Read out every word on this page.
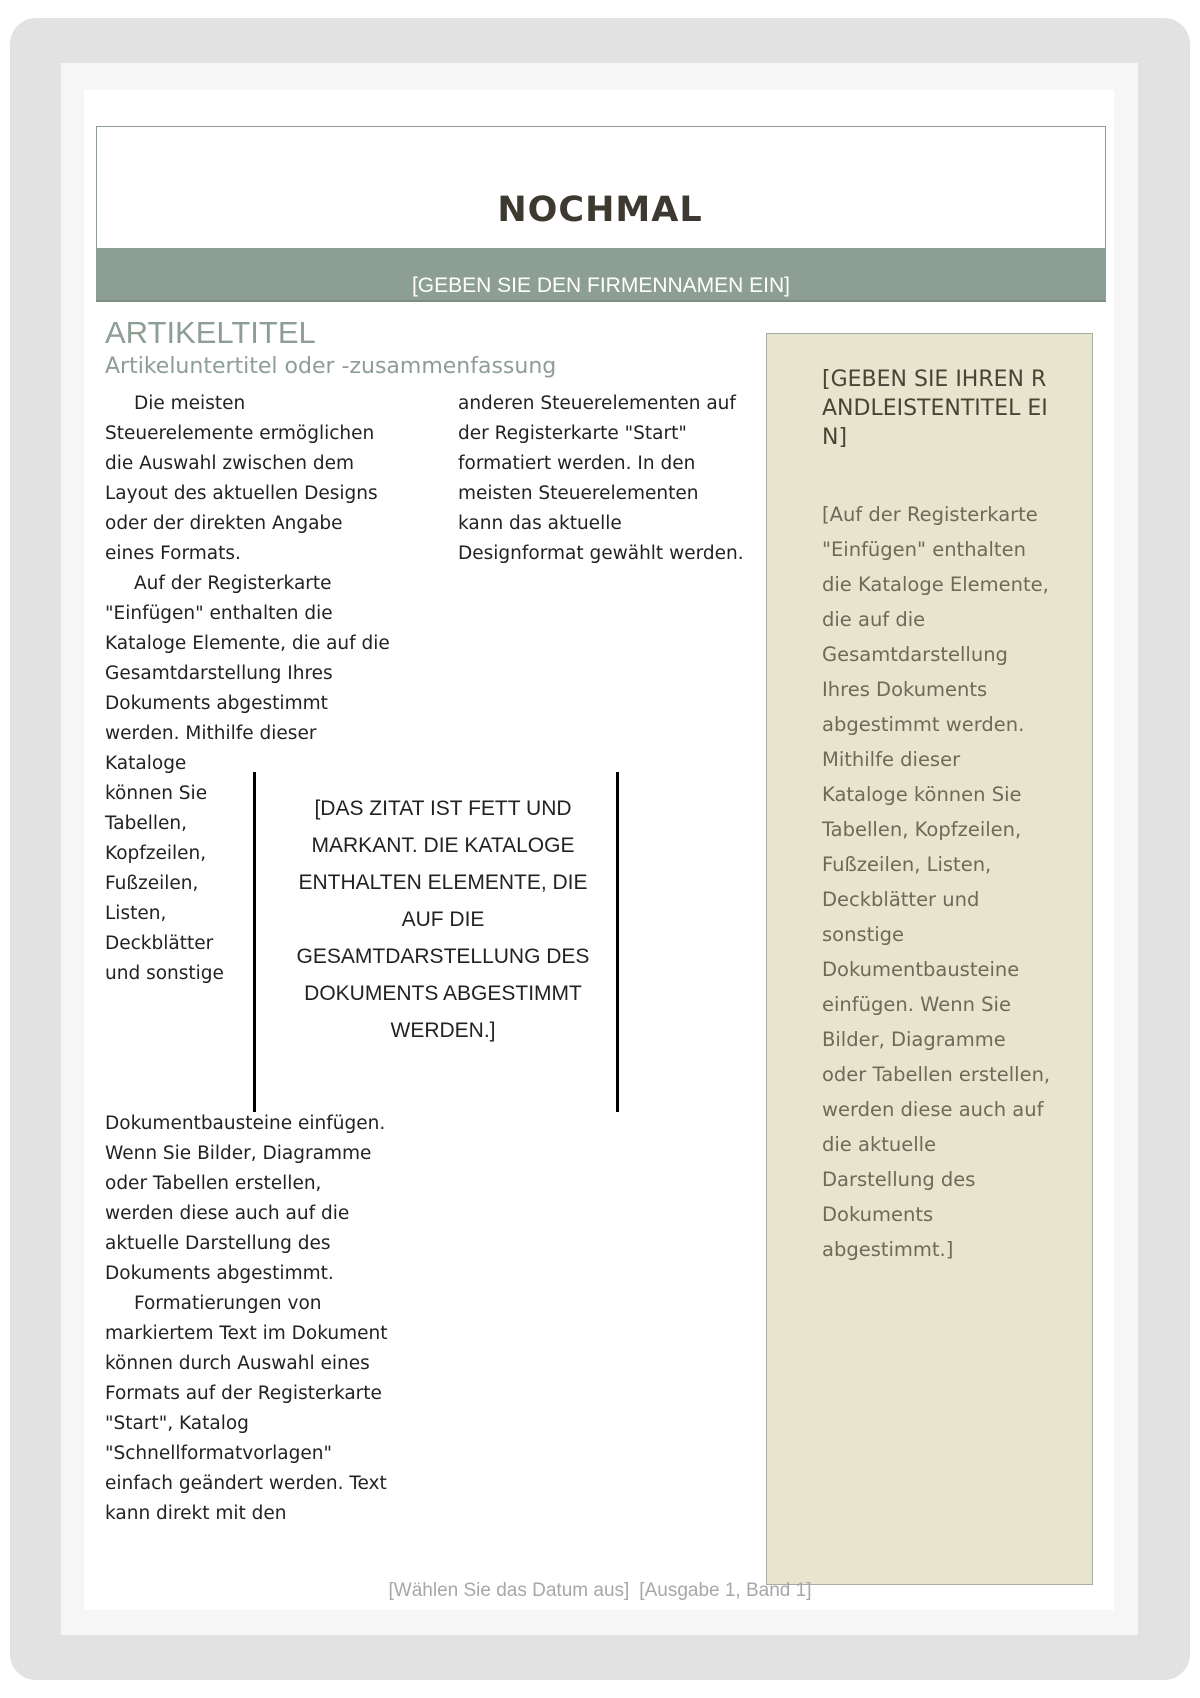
NOCHMAL
[GEBEN SIE DEN FIRMENNAMEN EIN]
ARTIKELTITEL
Artikeluntertitel oder -zusammenfassung

Die meisten Steuerelemente ermöglichen die Auswahl zwischen dem Layout des aktuellen Designs oder der direkten Angabe eines Formats.

Auf der Registerkarte "Einfügen" enthalten die Kataloge Elemente, die auf die Gesamtdarstellung Ihres Dokuments abgestimmt werden. Mithilfe dieser

Kataloge können Sie Tabellen, Kopfzeilen, Fußzeilen, Listen, Deckblätter und sonstige

Dokumentbausteine einfügen. Wenn Sie Bilder, Diagramme oder Tabellen erstellen, werden diese auch auf die aktuelle Darstellung des Dokuments abgestimmt.

Formatierungen von markiertem Text im Dokument können durch Auswahl eines Formats auf der Registerkarte "Start", Katalog "Schnellformatvorlagen" einfach geändert werden. Text kann direkt mit den

anderen Steuerelementen auf der Registerkarte "Start" formatiert werden. In den meisten Steuerelementen kann das aktuelle Designformat gewählt werden.

[DAS ZITAT IST FETT UND MARKANT. DIE KATALOGE ENTHALTEN ELEMENTE, DIE AUF DIE GESAMTDARSTELLUNG DES DOKUMENTS ABGESTIMMT WERDEN.]
[GEBEN SIE IHREN RANDLEISTENTITEL EIN]
[Auf der Registerkarte "Einfügen" enthalten die Kataloge Elemente, die auf die Gesamtdarstellung Ihres Dokuments abgestimmt werden. Mithilfe dieser Kataloge können Sie Tabellen, Kopfzeilen, Fußzeilen, Listen, Deckblätter und sonstige Dokumentbausteine einfügen. Wenn Sie Bilder, Diagramme oder Tabellen erstellen, werden diese auch auf die aktuelle Darstellung des Dokuments abgestimmt.]
[Wählen Sie das Datum aus] [Ausgabe 1, Band 1]
